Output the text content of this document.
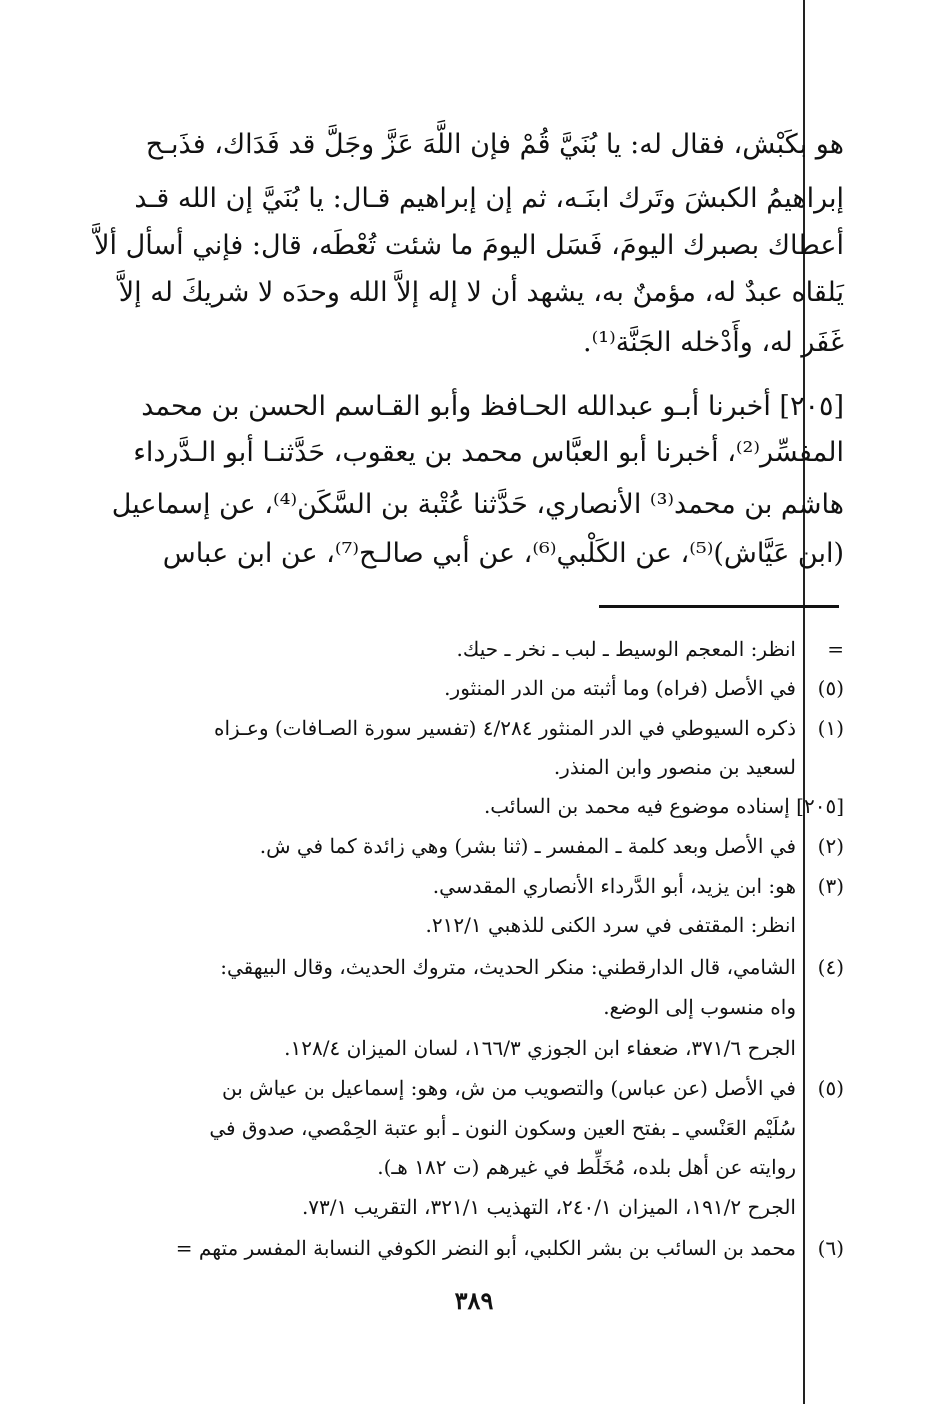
هو بكَبْش، فقال له: يا بُنَيَّ قُمْ فإن اللَّهَ عَزَّ وجَلَّ قد فَدَاك، فذَبـح
إبراهيمُ الكبشَ وتَرك ابنَـه، ثم إن إبراهيم قـال: يا بُنَيَّ إن الله قـد
أعطاك بصبرك اليومَ، فَسَل اليومَ ما شئت تُعْطَه، قال: فإني أسأل ألاَّ
يَلقاه عبدٌ له، مؤمنٌ به، يشهد أن لا إله إلاَّ الله وحدَه لا شريكَ له إلاَّ
غَفَر له، وأَدْخله الجَنَّة⁽¹⁾.
[٢٠٥] أخبرنا أبـو عبدالله الحـافظ وأبو القـاسم الحسن بن محمد
المفسِّر⁽²⁾، أخبرنا أبو العبَّاس محمد بن يعقوب، حَدَّثنـا أبو الـدَّرداء
هاشم بن محمد⁽³⁾ الأنصاري، حَدَّثنا عُتْبة بن السَّكَن⁽⁴⁾، عن إسماعيل
(ابن عَيَّاش)⁽⁵⁾، عن الكَلْبي⁽⁶⁾، عن أبي صالـح⁽⁷⁾، عن ابن عباس
=
انظر: المعجم الوسيط ـ لبب ـ نخر ـ حيك.
(٥)
في الأصل (فراه) وما أثبته من الدر المنثور.
(١)
ذكره السيوطي في الدر المنثور ٤/٢٨٤ (تفسير سورة الصـافات) وعـزاه
لسعيد بن منصور وابن المنذر.
[٢٠٥] إسناده موضوع فيه محمد بن السائب.
(٢)
في الأصل وبعد كلمة ـ المفسر ـ (ثنا بشر) وهي زائدة كما في ش.
(٣)
هو: ابن يزيد، أبو الدَّرداء الأنصاري المقدسي.
انظر: المقتفى في سرد الكنى للذهبي ٢١٢/١.
(٤)
الشامي، قال الدارقطني: منكر الحديث، متروك الحديث، وقال البيهقي:
واه منسوب إلى الوضع.
الجرح ٣٧١/٦، ضعفاء ابن الجوزي ١٦٦/٣، لسان الميزان ١٢٨/٤.
(٥)
في الأصل (عن عباس) والتصويب من ش، وهو: إسماعيل بن عياش بن
سُلَيْم العَنْسي ـ بفتح العين وسكون النون ـ أبو عتبة الحِمْصي، صدوق في
روايته عن أهل بلده، مُخَلِّط في غيرهم (ت ١٨٢ هـ).
الجرح ١٩١/٢، الميزان ٢٤٠/١، التهذيب ٣٢١/١، التقريب ٧٣/١.
(٦)
محمد بن السائب بن بشر الكلبي، أبو النضر الكوفي النسابة المفسر متهم =
٣٨٩
